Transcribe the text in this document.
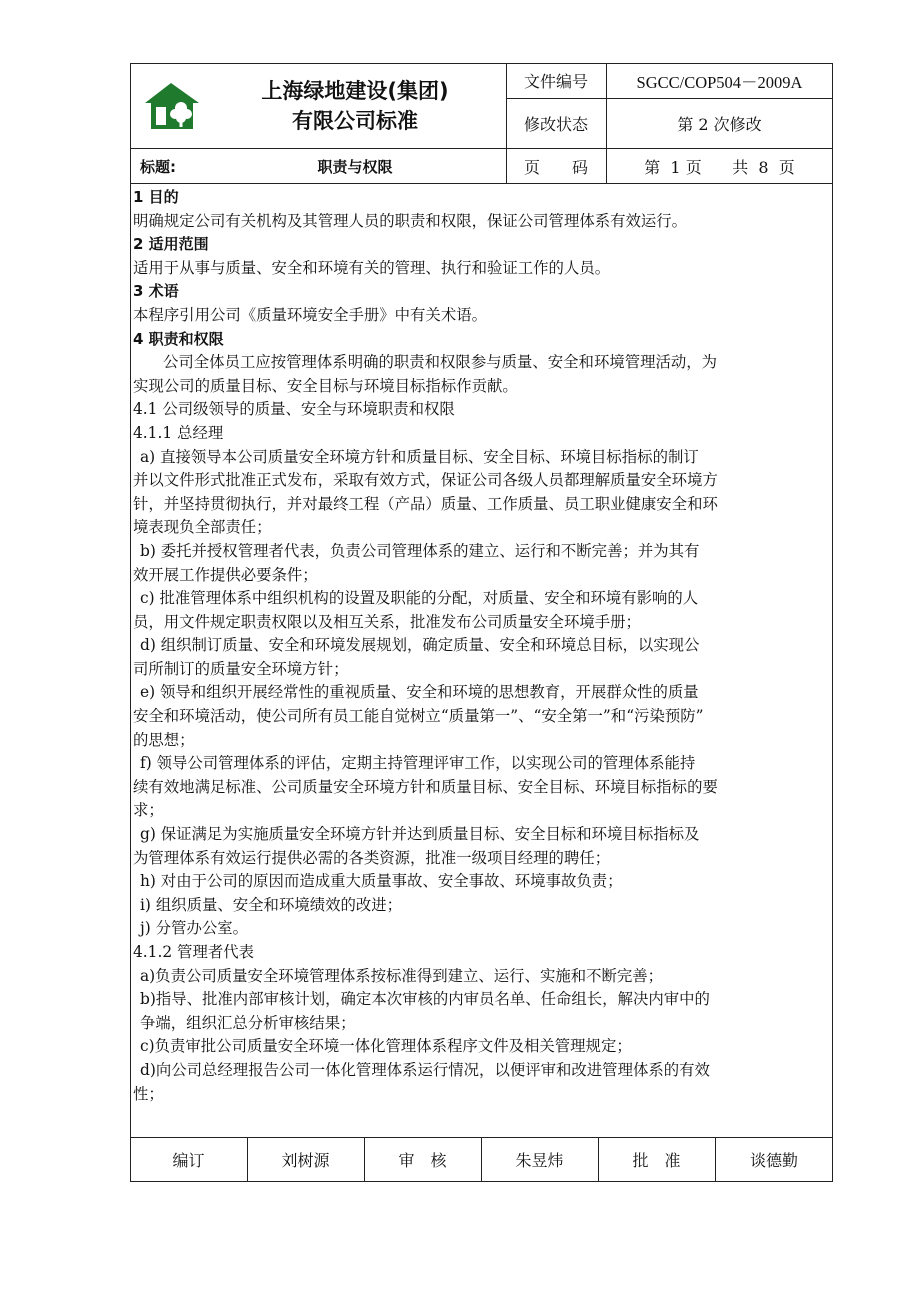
上海绿地建设(集团)
有限公司标准
文件编号	SGCC/COP504－2009A
修改状态	第 2 次修改
标题:	职责与权限	页　　码	第  1 页      共  8  页

1 目的

明确规定公司有关机构及其管理人员的职责和权限，保证公司管理体系有效运行。

2 适用范围

适用于从事与质量、安全和环境有关的管理、执行和验证工作的人员。

3 术语

本程序引用公司《质量环境安全手册》中有关术语。

4 职责和权限

公司全体员工应按管理体系明确的职责和权限参与质量、安全和环境管理活动，为

实现公司的质量目标、安全目标与环境目标指标作贡献。

4.1 公司级领导的质量、安全与环境职责和权限

4.1.1 总经理

a) 直接领导本公司质量安全环境方针和质量目标、安全目标、环境目标指标的制订

并以文件形式批准正式发布，采取有效方式，保证公司各级人员都理解质量安全环境方

针，并坚持贯彻执行，并对最终工程（产品）质量、工作质量、员工职业健康安全和环

境表现负全部责任；

b) 委托并授权管理者代表，负责公司管理体系的建立、运行和不断完善；并为其有

效开展工作提供必要条件；

c) 批准管理体系中组织机构的设置及职能的分配，对质量、安全和环境有影响的人

员，用文件规定职责权限以及相互关系，批准发布公司质量安全环境手册；

d) 组织制订质量、安全和环境发展规划，确定质量、安全和环境总目标，以实现公

司所制订的质量安全环境方针；

e) 领导和组织开展经常性的重视质量、安全和环境的思想教育，开展群众性的质量

安全和环境活动，使公司所有员工能自觉树立“质量第一”、“安全第一”和“污染预防”

的思想；

f) 领导公司管理体系的评估，定期主持管理评审工作，以实现公司的管理体系能持

续有效地满足标准、公司质量安全环境方针和质量目标、安全目标、环境目标指标的要

求；

g) 保证满足为实施质量安全环境方针并达到质量目标、安全目标和环境目标指标及

为管理体系有效运行提供必需的各类资源，批准一级项目经理的聘任；

h) 对由于公司的原因而造成重大质量事故、安全事故、环境事故负责；

i) 组织质量、安全和环境绩效的改进；

j) 分管办公室。

4.1.2 管理者代表

a)负责公司质量安全环境管理体系按标准得到建立、运行、实施和不断完善；

b)指导、批准内部审核计划，确定本次审核的内审员名单、任命组长，解决内审中的

争端，组织汇总分析审核结果；

c)负责审批公司质量安全环境一体化管理体系程序文件及相关管理规定；

d)向公司总经理报告公司一体化管理体系运行情况，以便评审和改进管理体系的有效

性；

编订	刘树源	审　核	朱昱炜	批　准	谈德勤
